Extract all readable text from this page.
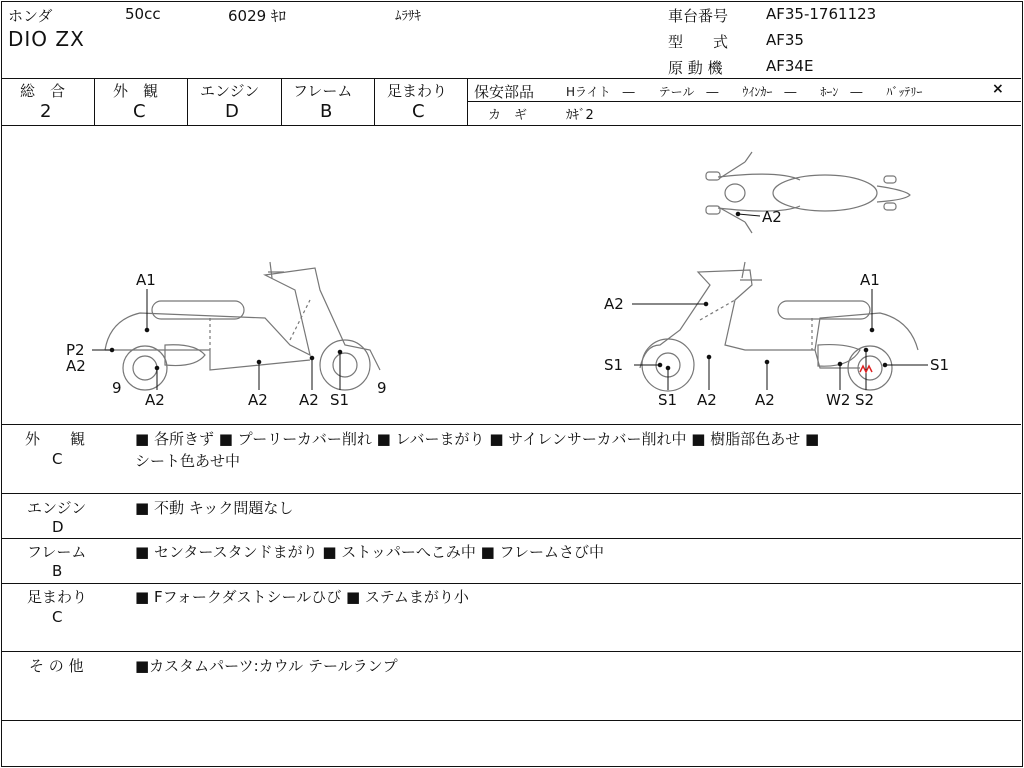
ホンダ	50cc	6029 ｷﾛ	ﾑﾗｻｷ
DIO ZX
車台番号	AF35-1761123
型　　式	AF35
原 動 機	AF34E
総　合
2
外　観
C
エンジン
D
フレーム
B
足まわり
C
保安部品	Hライト　―　　テール　―　　ｳｲﾝｶｰ　―　　ﾎｰﾝ　―　　ﾊﾞｯﾃﾘｰ	×
カ　ギ	ｶｷﾞ2
A2
A1
P2
A2
9
A2	A2 A2 S1
9
A1
A2
S1	S1
S1 A2	A2	W2 S2
外　　観
C
■ 各所きず ■ プーリーカバー削れ ■ レバーまがり ■ サイレンサーカバー削れ中 ■ 樹脂部色あせ ■
シート色あせ中
エンジン
D
■ 不動 キック問題なし
フレーム
B
■ センタースタンドまがり ■ ストッパーへこみ中 ■ フレームさび中
足まわり
C
■ Fフォークダストシールひび ■ ステムまがり小
そ の 他	■カスタムパーツ:カウル テールランプ
